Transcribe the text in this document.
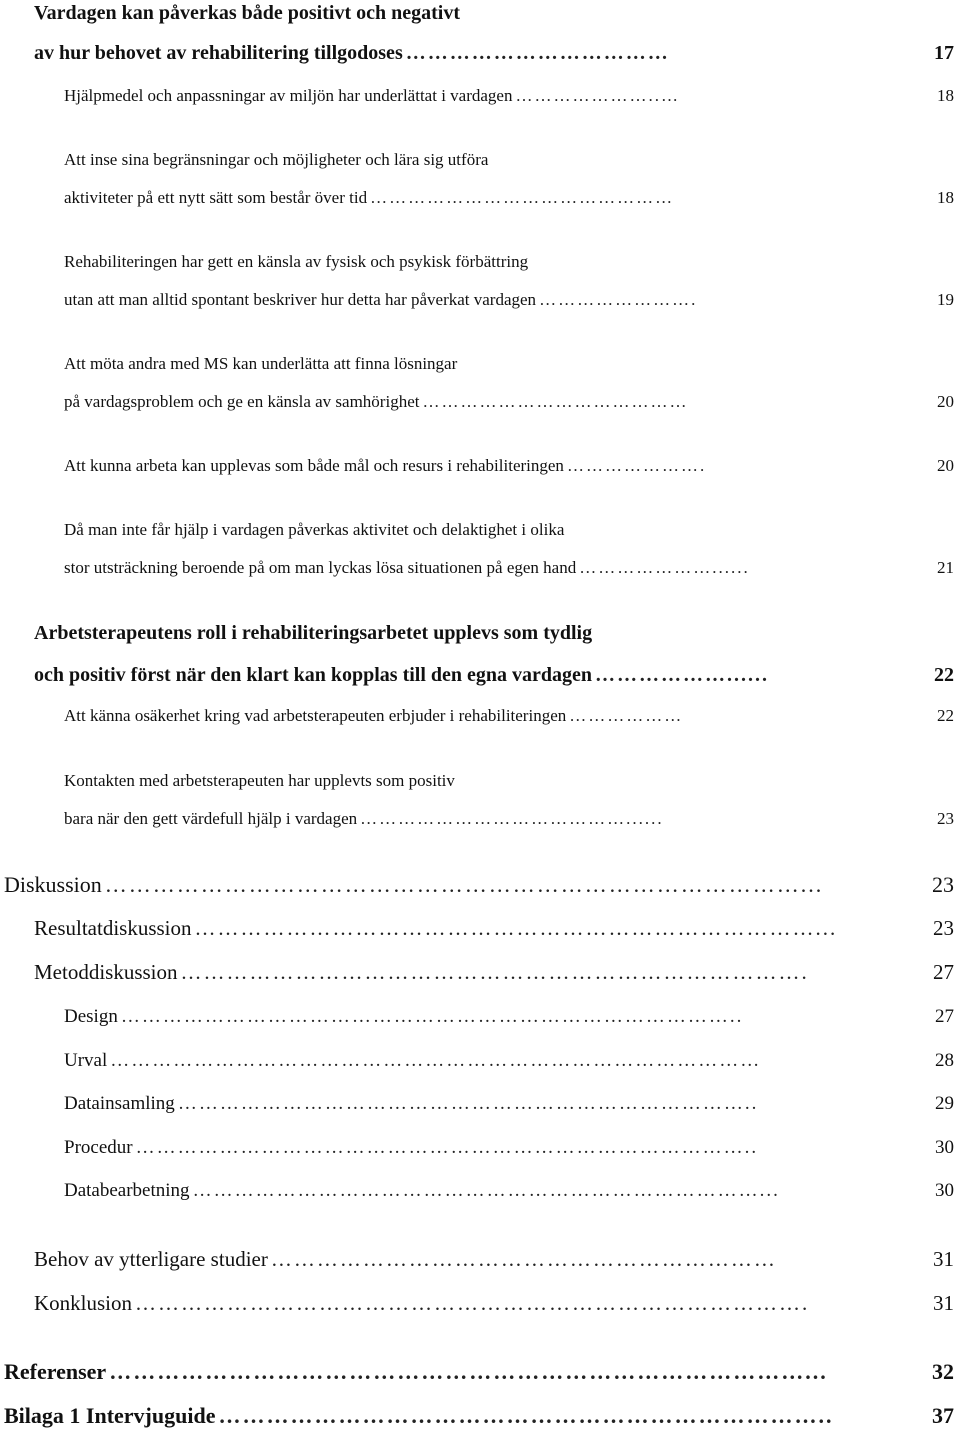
Vardagen kan påverkas både positivt och negativt
av hur behovet av rehabilitering tillgodoses ………………………………	17
Hjälpmedel och anpassningar av miljön har underlättat i vardagen …………………..…	18
Att inse sina begränsningar och möjligheter och lära sig utföra
aktiviteter på ett nytt sätt som består över tid …………………………………………	18
Rehabiliteringen har gett en känsla av fysisk och psykisk förbättring
utan att man alltid spontant beskriver hur detta har påverkat vardagen …………………….	19
Att möta andra med MS kan underlätta att finna lösningar
på vardagsproblem och ge en känsla av samhörighet ……………………………………	20
Att kunna arbeta kan upplevas som både mål och resurs i rehabiliteringen ………………….	20
Då man inte får hjälp i vardagen påverkas aktivitet och delaktighet i olika
stor utsträckning beroende på om man lyckas lösa situationen på egen hand …………………......	21
Arbetsterapeutens roll i rehabiliteringsarbetet upplevs som tydlig
och positiv först när den klart kan kopplas till den egna vardagen ………………......	22
Att känna osäkerhet kring vad arbetsterapeuten erbjuder i rehabiliteringen ………………	22
Kontakten med arbetsterapeuten har upplevts som positiv
bara när den gett värdefull hjälp i vardagen ……………………………………......	23
Diskussion ……………………………………………………………………………...	23
Resultatdiskussion ………………………………………………………………………...	23
Metoddiskussion ……………………………………………………………………….	27
Design ……………………………………………………………………………..	27
Urval …………………………………………………………………………………	28
Datainsamling ………………………………………………………………………..	29
Procedur ……………………………………………………………………………..	30
Databearbetning ………………………………………………………………………...	30
Behov av ytterligare studier …………………………………………………………	31
Konklusion …………………………………………………………………………….	31
Referenser ……………………………………………………………………………...	32
Bilaga 1 Intervjuguide …………………………………………………………………..	37
